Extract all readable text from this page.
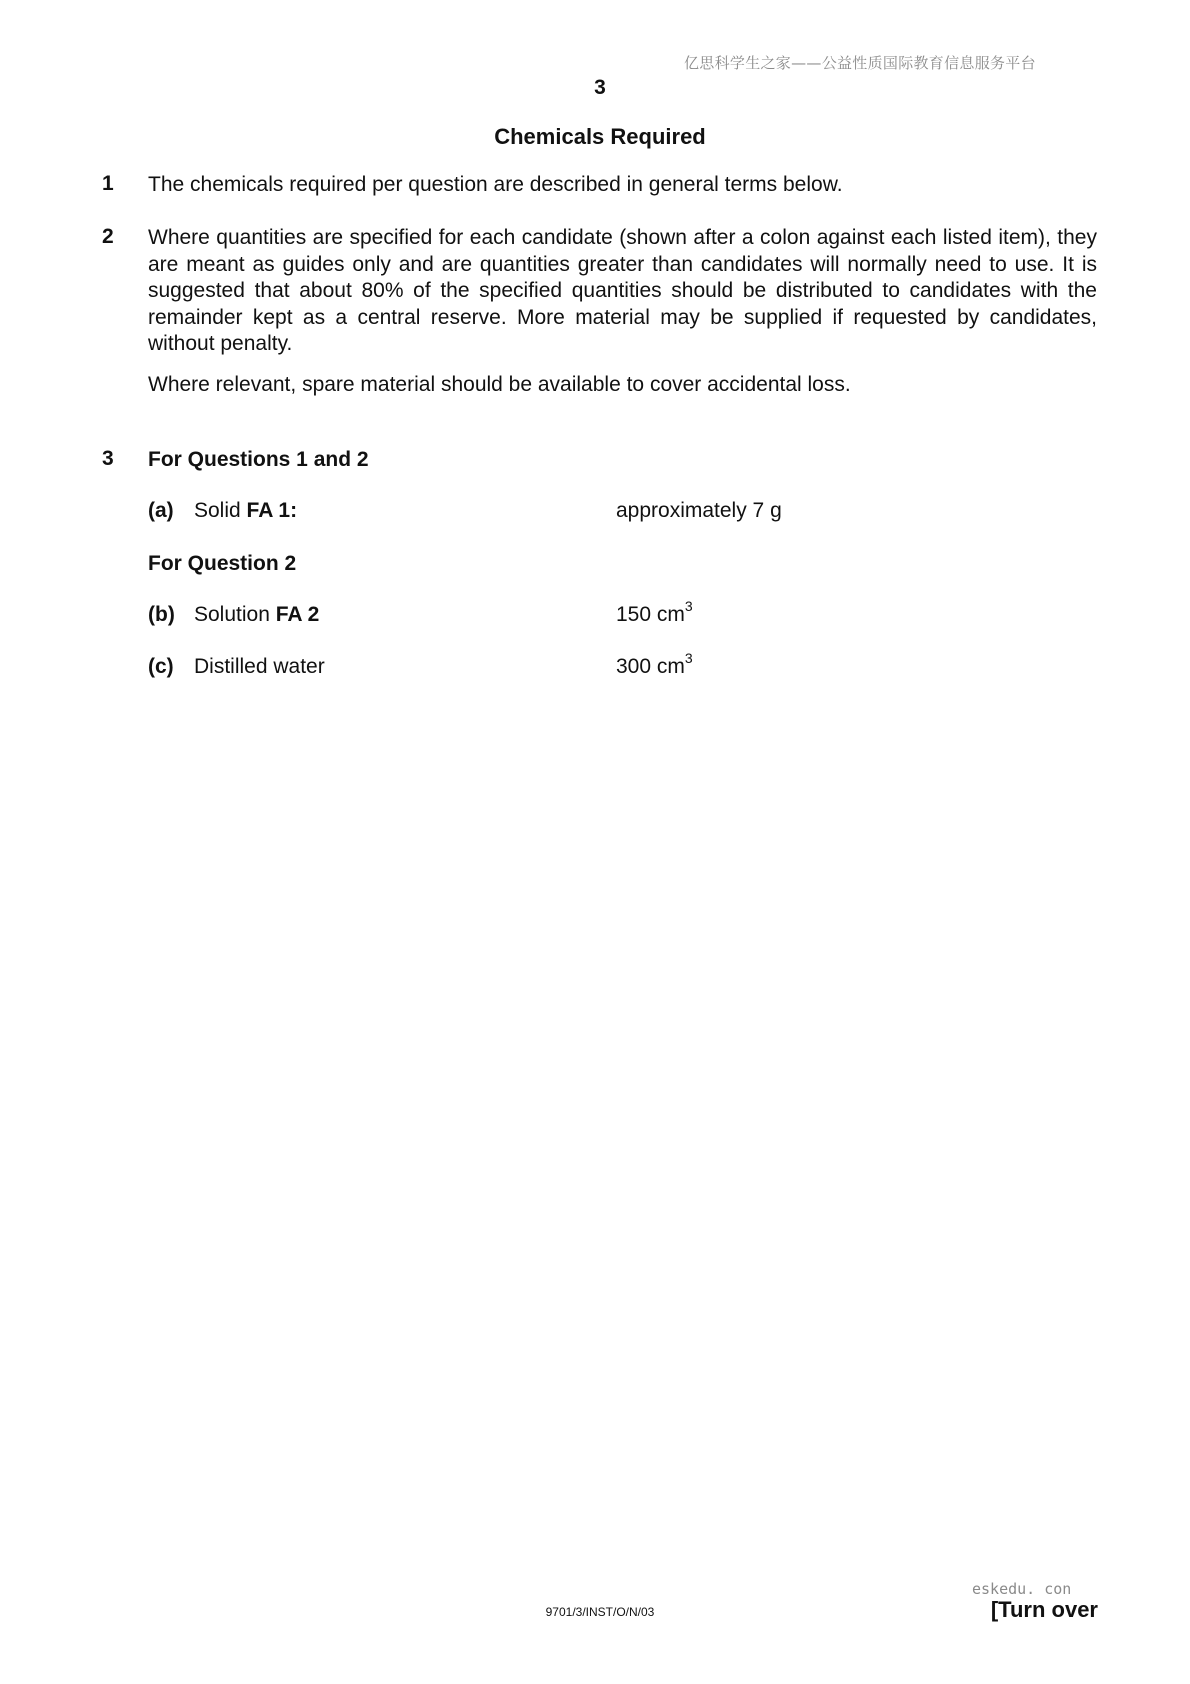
亿思科学生之家——公益性质国际教育信息服务平台
3
Chemicals Required
1 The chemicals required per question are described in general terms below.
2 Where quantities are specified for each candidate (shown after a colon against each listed item), they are meant as guides only and are quantities greater than candidates will normally need to use. It is suggested that about 80% of the specified quantities should be distributed to candidates with the remainder kept as a central reserve. More material may be supplied if requested by candidates, without penalty.
Where relevant, spare material should be available to cover accidental loss.
3 For Questions 1 and 2
(a) Solid FA 1:	approximately 7 g
For Question 2
(b) Solution FA 2	150 $cm^3$
(c) Distilled water	300 $cm^3$
eskedu. con
9701/3/INST/O/N/03	[Turn over
